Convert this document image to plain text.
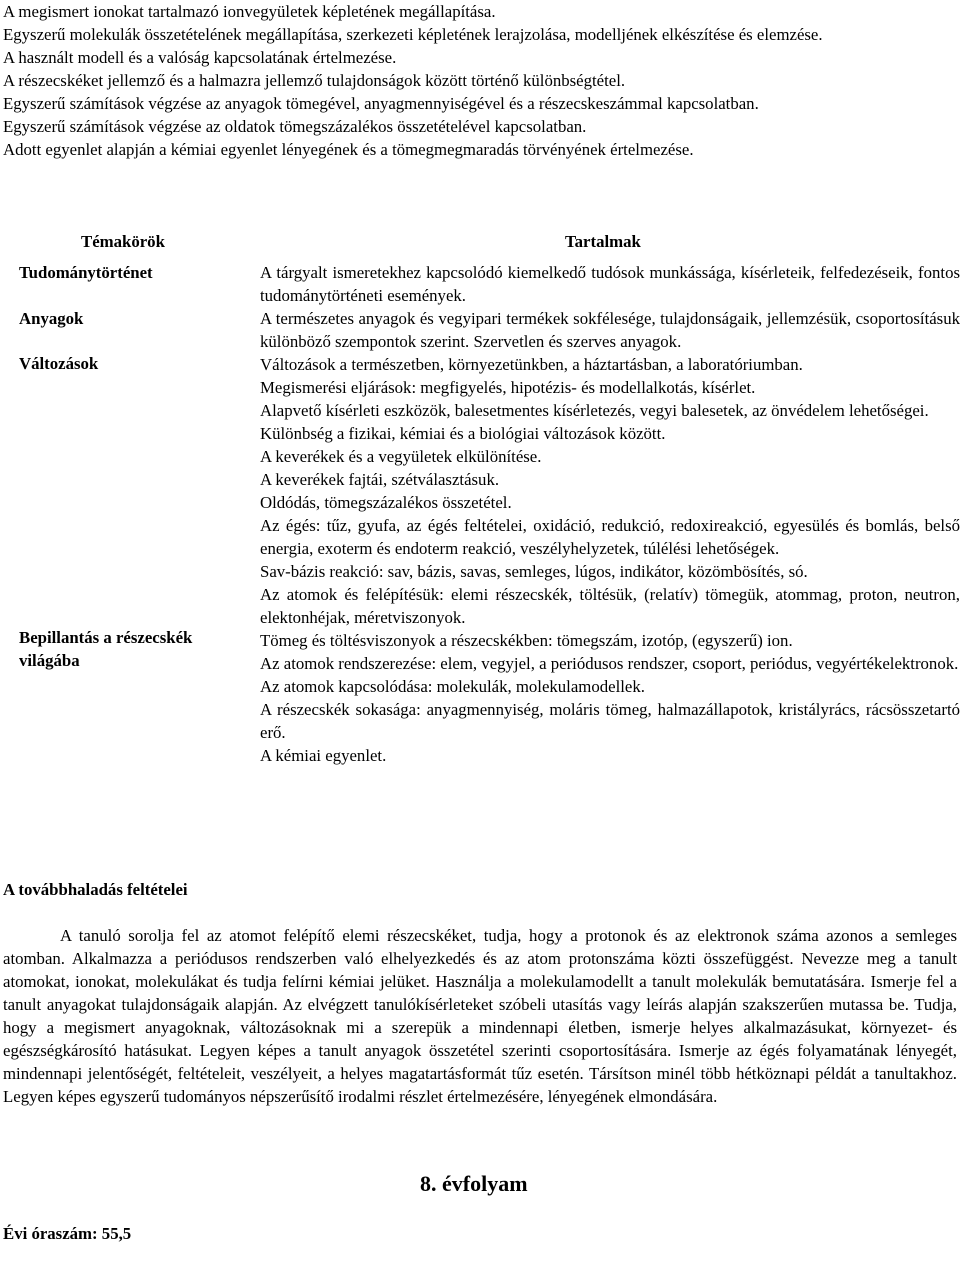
A megismert ionokat tartalmazó ionvegyületek képletének megállapítása.

Egyszerű molekulák összetételének megállapítása, szerkezeti képletének lerajzolása, modelljének elkészítése és elemzése.

A használt modell és a valóság kapcsolatának értelmezése.

A részecskéket jellemző és a halmazra jellemző tulajdonságok között történő különbségtétel.

Egyszerű számítások végzése az anyagok tömegével, anyagmennyiségével és a részecskeszámmal kapcsolatban.

Egyszerű számítások végzése az oldatok tömegszázalékos összetételével kapcsolatban.

Adott egyenlet alapján a kémiai egyenlet lényegének és a tömegmegmaradás törvényének értelmezése.

Témakörök
Tudománytörténet
Anyagok
Változások
Bepillantás a részecskék világába
Tartalmak

A tárgyalt ismeretekhez kapcsolódó kiemelkedő tudósok munkássága, kísérleteik, felfedezéseik, fontos tudománytörténeti események.

A természetes anyagok és vegyipari termékek sokfélesége, tulajdonságaik, jellemzésük, csoportosításuk különböző szempontok szerint. Szervetlen és szerves anyagok.

Változások a természetben, környezetünkben, a háztartásban, a laboratóriumban.

Megismerési eljárások: megfigyelés, hipotézis- és modellalkotás, kísérlet.

Alapvető kísérleti eszközök, balesetmentes kísérletezés, vegyi balesetek, az önvédelem lehetőségei.

Különbség a fizikai, kémiai és a biológiai változások között.

A keverékek és a vegyületek elkülönítése.

A keverékek fajtái, szétválasztásuk.

Oldódás, tömegszázalékos összetétel.

Az égés: tűz, gyufa, az égés feltételei, oxidáció, redukció, redoxireakció, egyesülés és bomlás, belső energia, exoterm és endoterm reakció, veszélyhelyzetek, túlélési lehetőségek.

Sav-bázis reakció: sav, bázis, savas, semleges, lúgos, indikátor, közömbösítés, só.

Az atomok és felépítésük: elemi részecskék, töltésük, (relatív) tömegük, atommag, proton, neutron, elektonhéjak, méretviszonyok.

Tömeg és töltésviszonyok a részecskékben: tömegszám, izotóp, (egyszerű) ion.

Az atomok rendszerezése: elem, vegyjel, a periódusos rendszer, csoport, periódus, vegyértékelektronok.

Az atomok kapcsolódása: molekulák, molekulamodellek.

A részecskék sokasága: anyagmennyiség, moláris tömeg, halmazállapotok, kristályrács, rácsösszetartó erő.

A kémiai egyenlet.

A továbbhaladás feltételei

A tanuló sorolja fel az atomot felépítő elemi részecskéket, tudja, hogy a protonok és az elektronok száma azonos a semleges atomban. Alkalmazza a periódusos rendszerben való elhelyezkedés és az atom protonszáma közti összefüggést. Nevezze meg a tanult atomokat, ionokat, molekulákat és tudja felírni kémiai jelüket. Használja a molekulamodellt a tanult molekulák bemutatására. Ismerje fel a tanult anyagokat tulajdonságaik alapján. Az elvégzett tanulókísérleteket szóbeli utasítás vagy leírás alapján szakszerűen mutassa be. Tudja, hogy a megismert anyagoknak, változásoknak mi a szerepük a mindennapi életben, ismerje helyes alkalmazásukat, környezet- és egészségkárosító hatásukat. Legyen képes a tanult anyagok összetétel szerinti csoportosítására. Ismerje az égés folyamatának lényegét, mindennapi jelentőségét, feltételeit, veszélyeit, a helyes magatartásformát tűz esetén. Társítson minél több hétköznapi példát a tanultakhoz. Legyen képes egyszerű tudományos népszerűsítő irodalmi részlet értelmezésére, lényegének elmondására.

8. évfolyam
Évi óraszám: 55,5
